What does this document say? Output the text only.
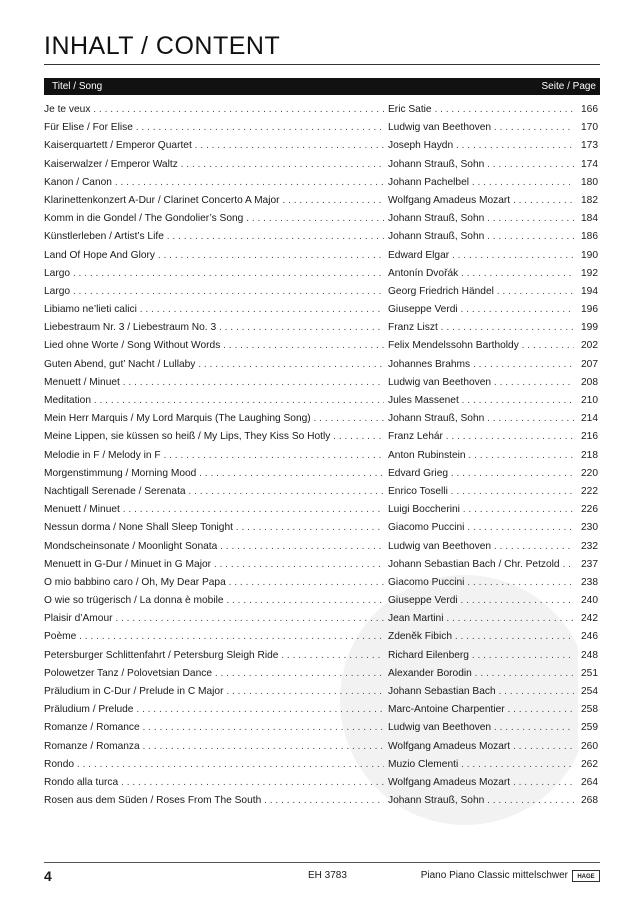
INHALT / CONTENT
Titel / Song	Seite / Page
Je te veux . . .	Eric Satie . . .	166
Für Elise / For Elise . . .	Ludwig van Beethoven . . .	170
Kaiserquartett / Emperor Quartet . . .	Joseph Haydn . . .	173
Kaiserwalzer / Emperor Waltz . . .	Johann Strauß, Sohn . . .	174
Kanon / Canon . . .	Johann Pachelbel . . .	180
Klarinettenkonzert A-Dur / Clarinet Concerto A Major . . .	Wolfgang Amadeus Mozart . . .	182
Komm in die Gondel / The Gondolier’s Song . . .	Johann Strauß, Sohn . . .	184
Künstlerleben / Artist’s Life . . .	Johann Strauß, Sohn . . .	186
Land Of Hope And Glory . . .	Edward Elgar . . .	190
Largo . . .	Antonín Dvořák . . .	192
Largo . . .	Georg Friedrich Händel . . .	194
Libiamo ne’lieti calici . . .	Giuseppe Verdi . . .	196
Liebestraum Nr. 3 / Liebestraum No. 3 . . .	Franz Liszt . . .	199
Lied ohne Worte / Song Without Words . . .	Felix Mendelssohn Bartholdy . . .	202
Guten Abend, gut’ Nacht / Lullaby . . .	Johannes Brahms . . .	207
Menuett / Minuet . . .	Ludwig van Beethoven . . .	208
Meditation . . .	Jules Massenet . . .	210
Mein Herr Marquis / My Lord Marquis (The Laughing Song) . . .	Johann Strauß, Sohn . . .	214
Meine Lippen, sie küssen so heiß / My Lips, They Kiss So Hotly . . .	Franz Lehár . . .	216
Melodie in F / Melody in F . . .	Anton Rubinstein . . .	218
Morgenstimmung / Morning Mood . . .	Edvard Grieg . . .	220
Nachtigall Serenade / Serenata . . .	Enrico Toselli . . .	222
Menuett / Minuet . . .	Luigi Boccherini . . .	226
Nessun dorma / None Shall Sleep Tonight . . .	Giacomo Puccini . . .	230
Mondscheinsonate / Moonlight Sonata . . .	Ludwig van Beethoven . . .	232
Menuett in G-Dur / Minuet in G Major . . .	Johann Sebastian Bach / Chr. Petzold . . .	237
O mio babbino caro / Oh, My Dear Papa . . .	Giacomo Puccini . . .	238
O wie so trügerisch / La donna è mobile . . .	Giuseppe Verdi . . .	240
Plaisir d’Amour . . .	Jean Martini . . .	242
Poème . . .	Zdeněk Fibich . . .	246
Petersburger Schlittenfahrt / Petersburg Sleigh Ride . . .	Richard Eilenberg . . .	248
Polowetzer Tanz / Polovetsian Dance . . .	Alexander Borodin . . .	251
Präludium in C-Dur / Prelude in C Major . . .	Johann Sebastian Bach . . .	254
Präludium / Prelude . . .	Marc-Antoine Charpentier . . .	258
Romanze / Romance . . .	Ludwig van Beethoven . . .	259
Romanze / Romanza . . .	Wolfgang Amadeus Mozart . . .	260
Rondo . . .	Muzio Clementi . . .	262
Rondo alla turca . . .	Wolfgang Amadeus Mozart . . .	264
Rosen aus dem Süden / Roses From The South . . .	Johann Strauß, Sohn . . .	268
4	EH 3783	Piano Piano Classic mittelschwer	HAGE
